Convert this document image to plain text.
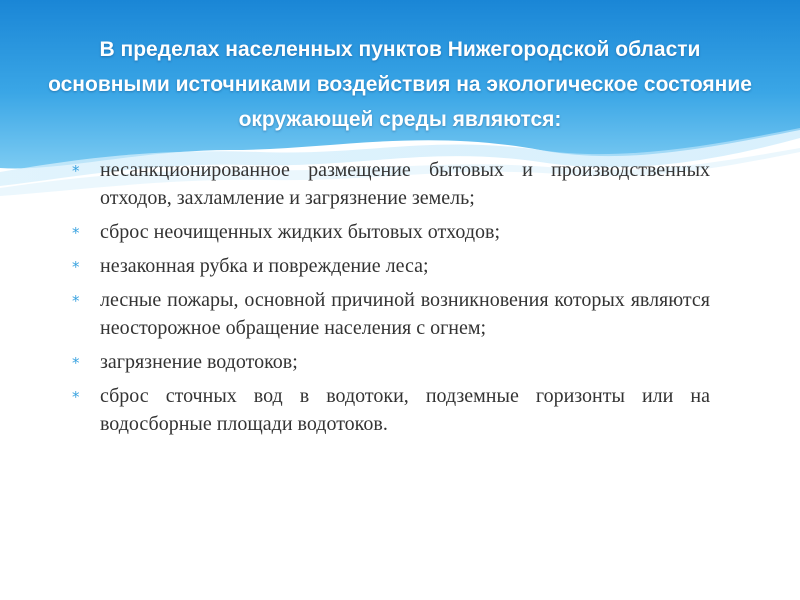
В пределах населенных пунктов Нижегородской области основными источниками воздействия на экологическое состояние окружающей среды являются:
* несанкционированное размещение бытовых и производственных отходов, захламление и загрязнение земель;
* сброс неочищенных жидких бытовых отходов;
* незаконная рубка и повреждение леса;
* лесные пожары, основной причиной возникновения которых являются неосторожное обращение населения с огнем;
* загрязнение водотоков;
* сброс сточных вод в водотоки, подземные горизонты или на водосборные площади водотоков.
